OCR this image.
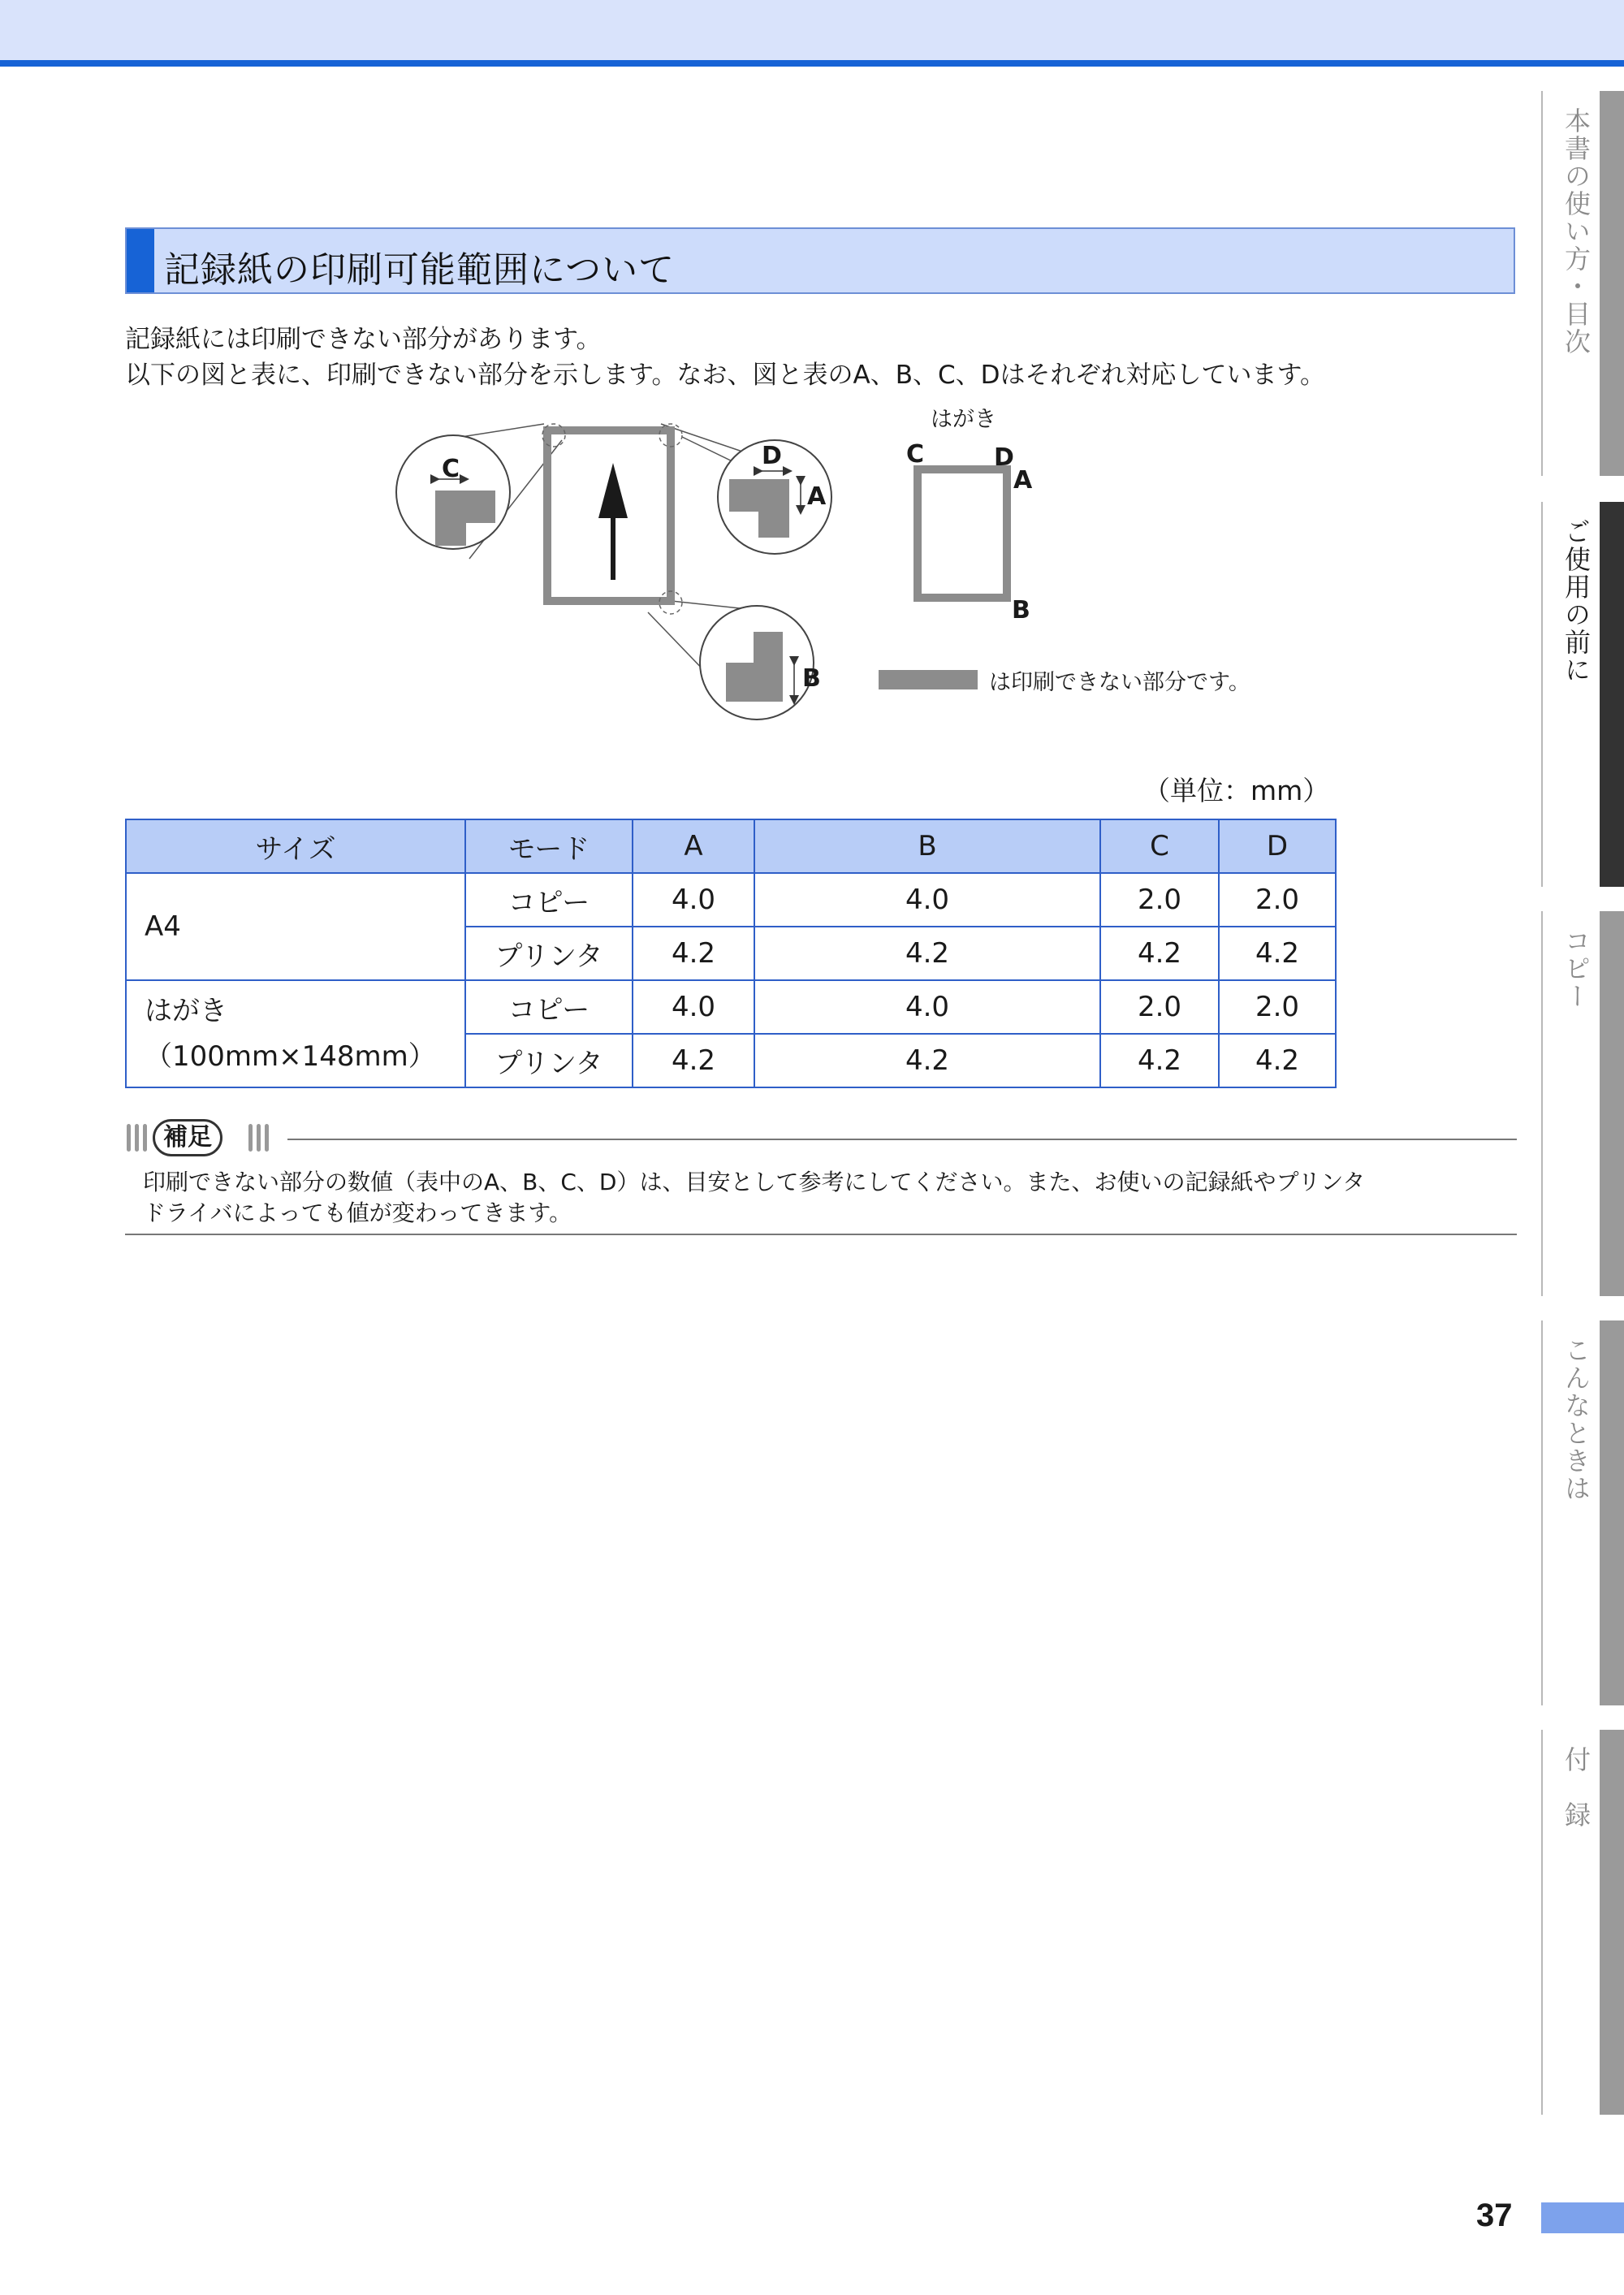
記録紙の印刷可能範囲について
記録紙には印刷できない部分があります。
以下の図と表に、印刷できない部分を示します。なお、図と表のA、B、C、Dはそれぞれ対応しています。
C	D
A
B
はがき
C	D
A
B
は印刷できない部分です。
（単位：mm）
サイズ	モード	A	B	C	D

A4	コピー	4.0	4.0	2.0	2.0
	プリンタ	4.2	4.2	4.2	4.2

はがき
（100mm×148mm）	コピー	4.0	4.0	2.0	2.0
	プリンタ	4.2	4.2	4.2	4.2
補足
印刷できない部分の数値（表中のA、B、C、D）は、目安として参考にしてください。また、お使いの記録紙やプリンタ
ドライバによっても値が変わってきます。
本書の使い方・目次
ご使用の前に
コピー
こんなときは
付　録
37
